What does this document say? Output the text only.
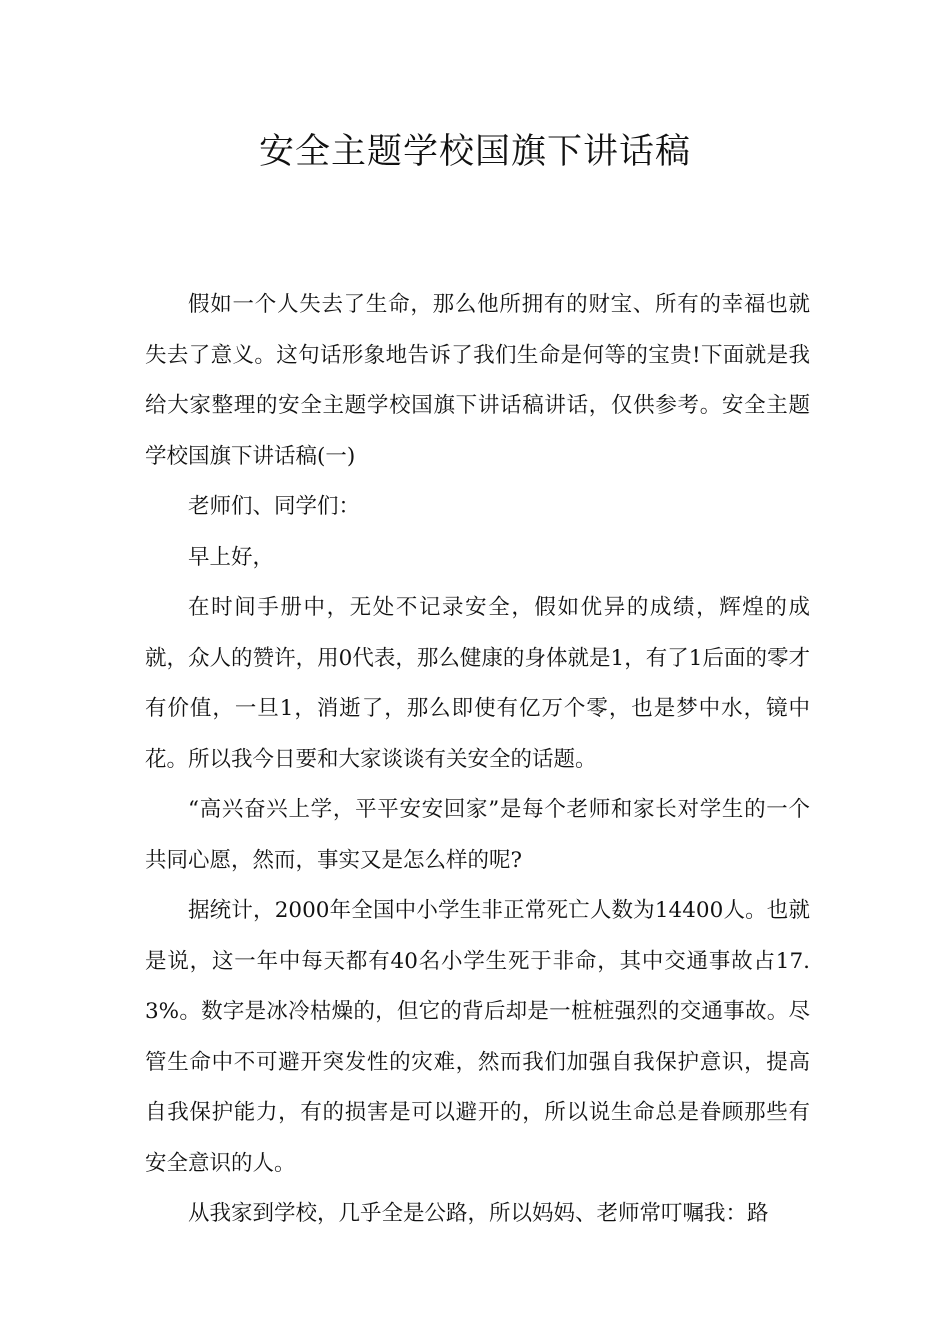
安全主题学校国旗下讲话稿

假如一个人失去了生命，那么他所拥有的财宝、所有的幸福也就失去了意义。这句话形象地告诉了我们生命是何等的宝贵!下面就是我给大家整理的安全主题学校国旗下讲话稿讲话，仅供参考。安全主题学校国旗下讲话稿(一)

老师们、同学们：

早上好，

在时间手册中，无处不记录安全，假如优异的成绩，辉煌的成就，众人的赞许，用0代表，那么健康的身体就是1，有了1后面的零才有价值，一旦1，消逝了，那么即使有亿万个零，也是梦中水，镜中花。所以我今日要和大家谈谈有关安全的话题。

“高兴奋兴上学，平平安安回家”是每个老师和家长对学生的一个共同心愿，然而，事实又是怎么样的呢?

据统计，2000年全国中小学生非正常死亡人数为14400人。也就是说，这一年中每天都有40名小学生死于非命，其中交通事故占17.3%。数字是冰冷枯燥的，但它的背后却是一桩桩强烈的交通事故。尽管生命中不可避开突发性的灾难，然而我们加强自我保护意识，提高自我保护能力，有的损害是可以避开的，所以说生命总是眷顾那些有安全意识的人。

从我家到学校，几乎全是公路，所以妈妈、老师常叮嘱我：路
